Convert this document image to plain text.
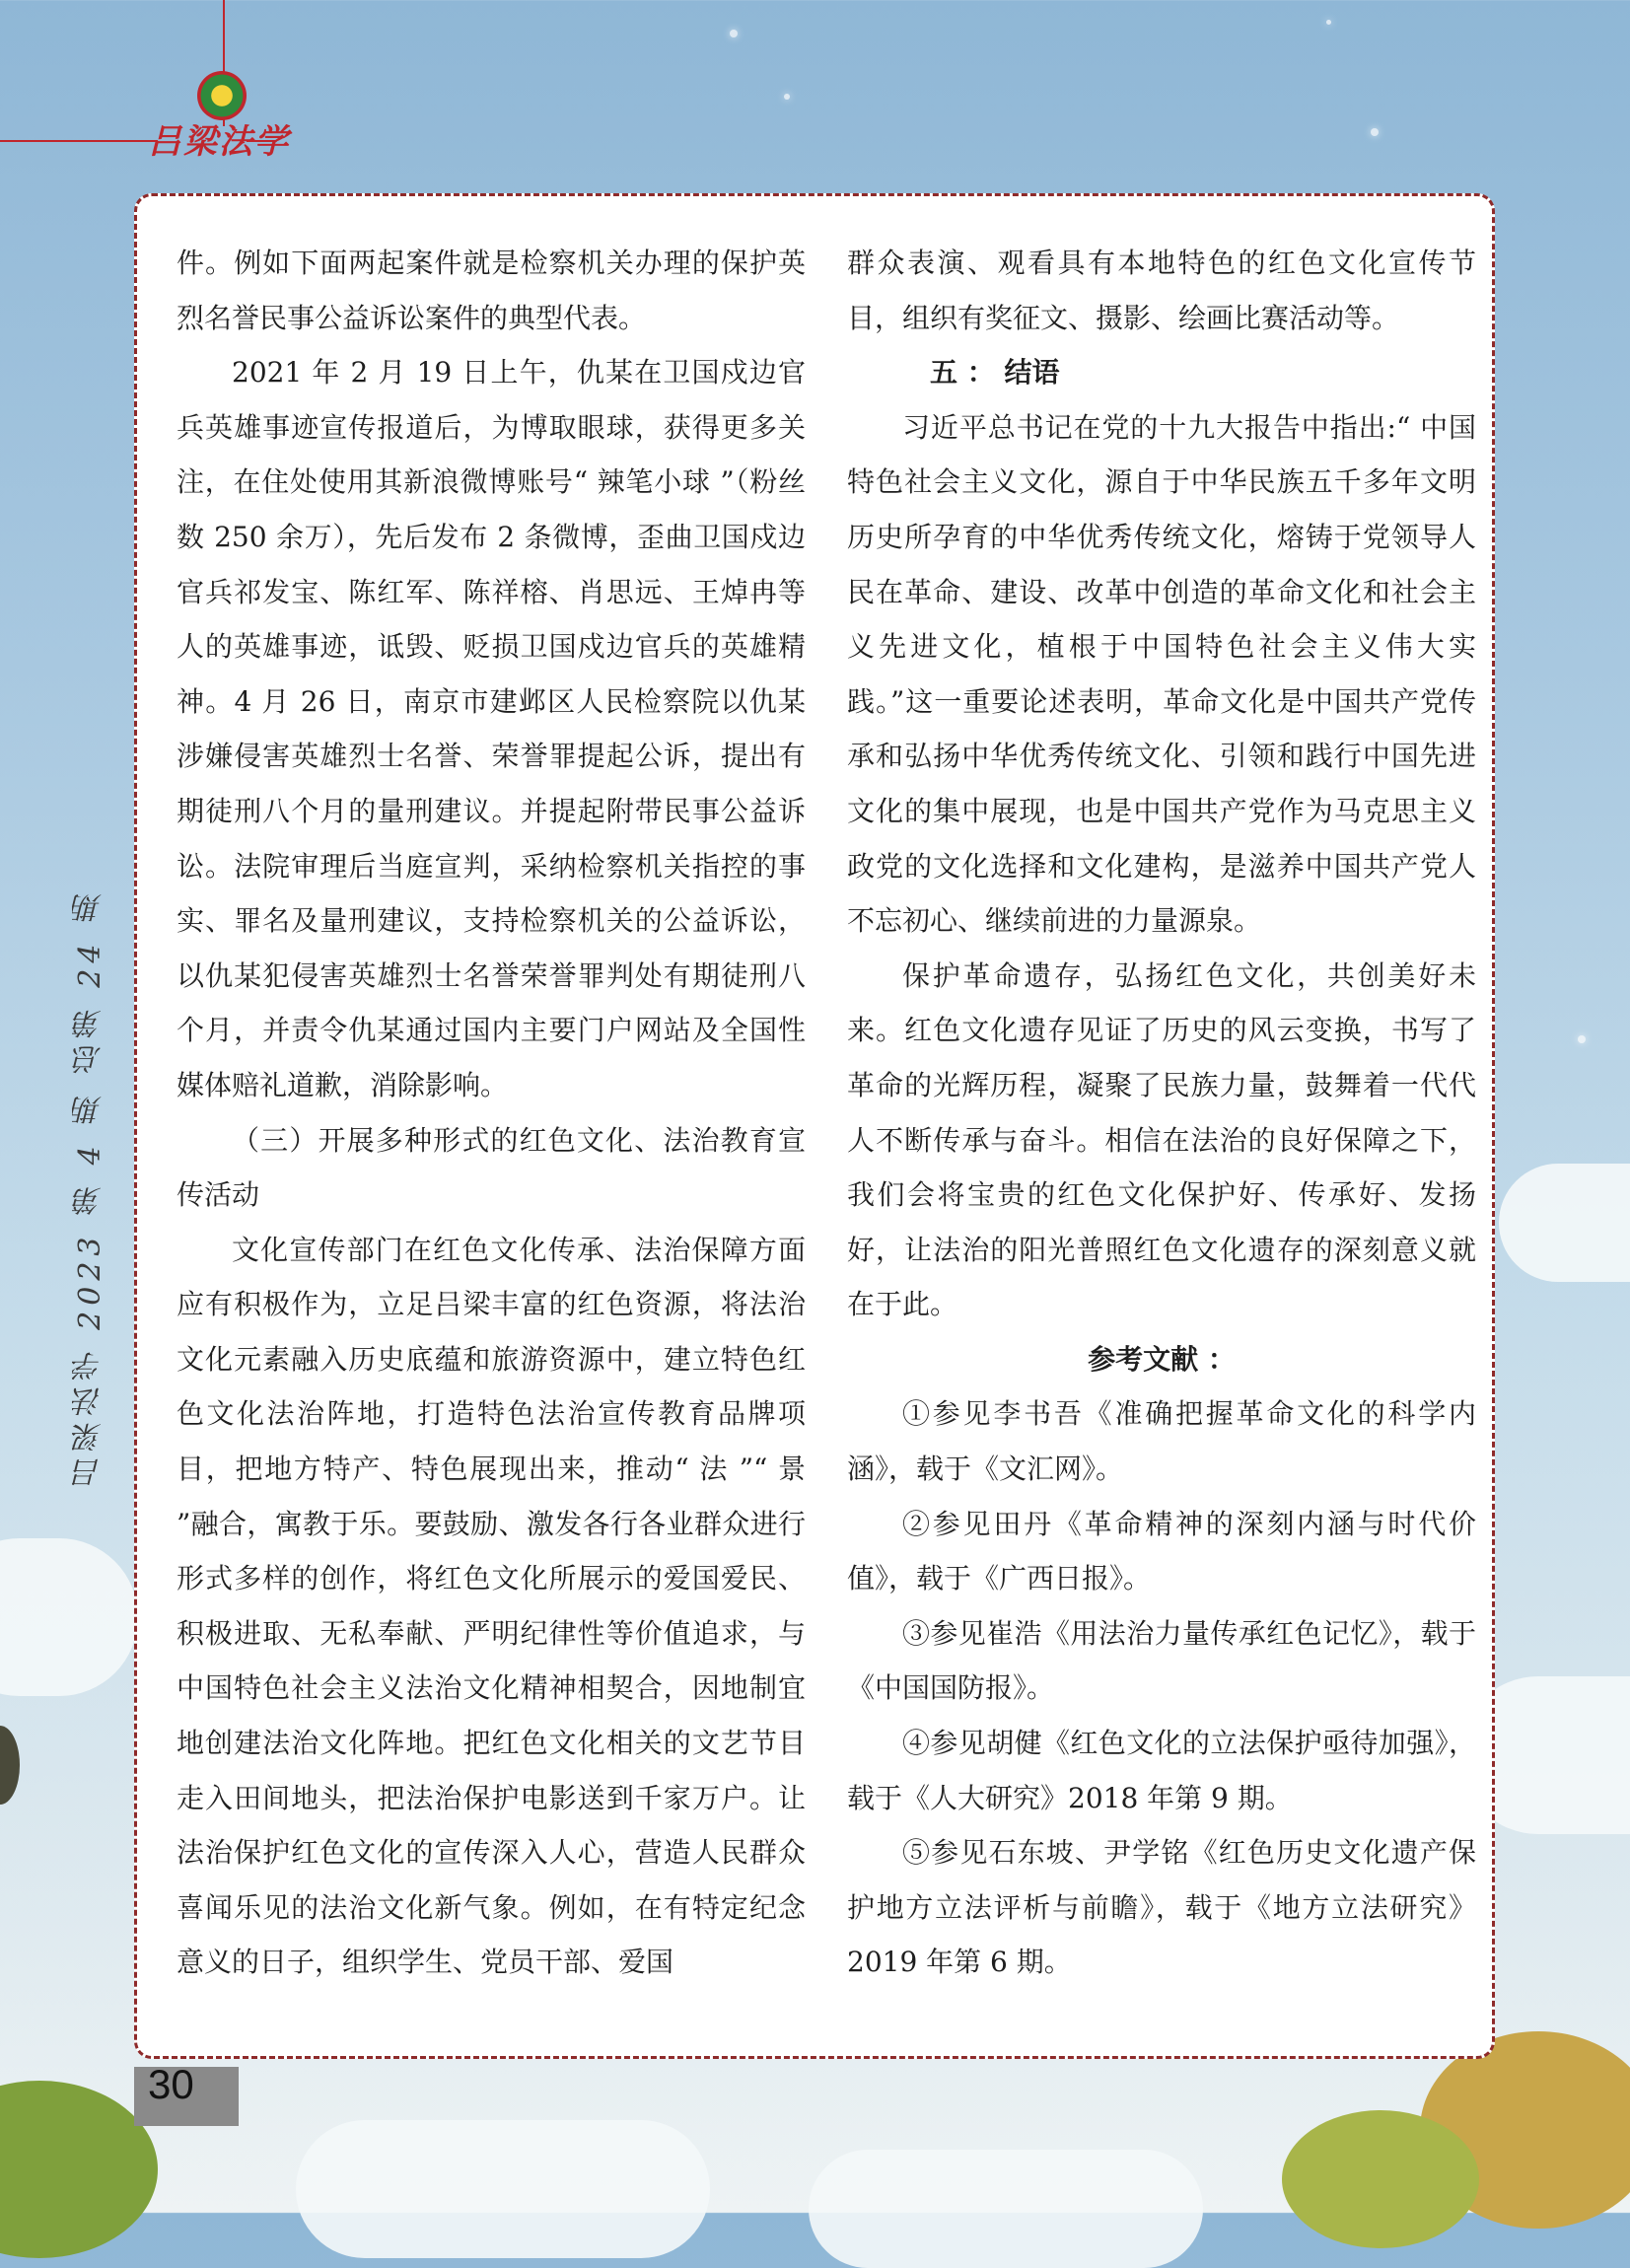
吕梁法学
吕梁法学 2023 第 4 期 总第 24 期

件。例如下面两起案件就是检察机关办理的保护英烈名誉民事公益诉讼案件的典型代表。

2021 年 2 月 19 日上午，仇某在卫国戍边官兵英雄事迹宣传报道后，为博取眼球，获得更多关注，在住处使用其新浪微博账号“ 辣笔小球 ”（粉丝数 250 余万），先后发布 2 条微博，歪曲卫国戍边官兵祁发宝、陈红军、陈祥榕、肖思远、王焯冉等人的英雄事迹，诋毁、贬损卫国戍边官兵的英雄精神。4 月 26 日，南京市建邺区人民检察院以仇某涉嫌侵害英雄烈士名誉、荣誉罪提起公诉，提出有期徒刑八个月的量刑建议。并提起附带民事公益诉讼。法院审理后当庭宣判，采纳检察机关指控的事实、罪名及量刑建议，支持检察机关的公益诉讼，以仇某犯侵害英雄烈士名誉荣誉罪判处有期徒刑八个月，并责令仇某通过国内主要门户网站及全国性媒体赔礼道歉，消除影响。

（三）开展多种形式的红色文化、法治教育宣传活动

文化宣传部门在红色文化传承、法治保障方面应有积极作为，立足吕梁丰富的红色资源，将法治文化元素融入历史底蕴和旅游资源中，建立特色红色文化法治阵地，打造特色法治宣传教育品牌项目，把地方特产、特色展现出来，推动“ 法 ”“ 景 ”融合，寓教于乐。要鼓励、激发各行各业群众进行形式多样的创作，将红色文化所展示的爱国爱民、积极进取、无私奉献、严明纪律性等价值追求，与中国特色社会主义法治文化精神相契合，因地制宜地创建法治文化阵地。把红色文化相关的文艺节目走入田间地头，把法治保护电影送到千家万户。让法治保护红色文化的宣传深入人心，营造人民群众喜闻乐见的法治文化新气象。例如，在有特定纪念意义的日子，组织学生、党员干部、爱国

群众表演、观看具有本地特色的红色文化宣传节目，组织有奖征文、摄影、绘画比赛活动等。

五 ： 结语

习近平总书记在党的十九大报告中指出:“ 中国特色社会主义文化，源自于中华民族五千多年文明历史所孕育的中华优秀传统文化，熔铸于党领导人民在革命、建设、改革中创造的革命文化和社会主义先进文化，植根于中国特色社会主义伟大实践。”这一重要论述表明，革命文化是中国共产党传承和弘扬中华优秀传统文化、引领和践行中国先进文化的集中展现，也是中国共产党作为马克思主义政党的文化选择和文化建构，是滋养中国共产党人不忘初心、继续前进的力量源泉。

保护革命遗存，弘扬红色文化，共创美好未来。红色文化遗存见证了历史的风云变换，书写了革命的光辉历程，凝聚了民族力量，鼓舞着一代代人不断传承与奋斗。相信在法治的良好保障之下，我们会将宝贵的红色文化保护好、传承好、发扬好，让法治的阳光普照红色文化遗存的深刻意义就在于此。

参考文献 ：

①参见李书吾《准确把握革命文化的科学内涵》，载于《文汇网》。

②参见田丹《革命精神的深刻内涵与时代价值》，载于《广西日报》。

③参见崔浩《用法治力量传承红色记忆》，载于《中国国防报》。

④参见胡健《红色文化的立法保护亟待加强》，载于《人大研究》2018 年第 9 期。

⑤参见石东坡、尹学铭《红色历史文化遗产保护地方立法评析与前瞻》，载于《地方立法研究》2019 年第 6 期。

30
